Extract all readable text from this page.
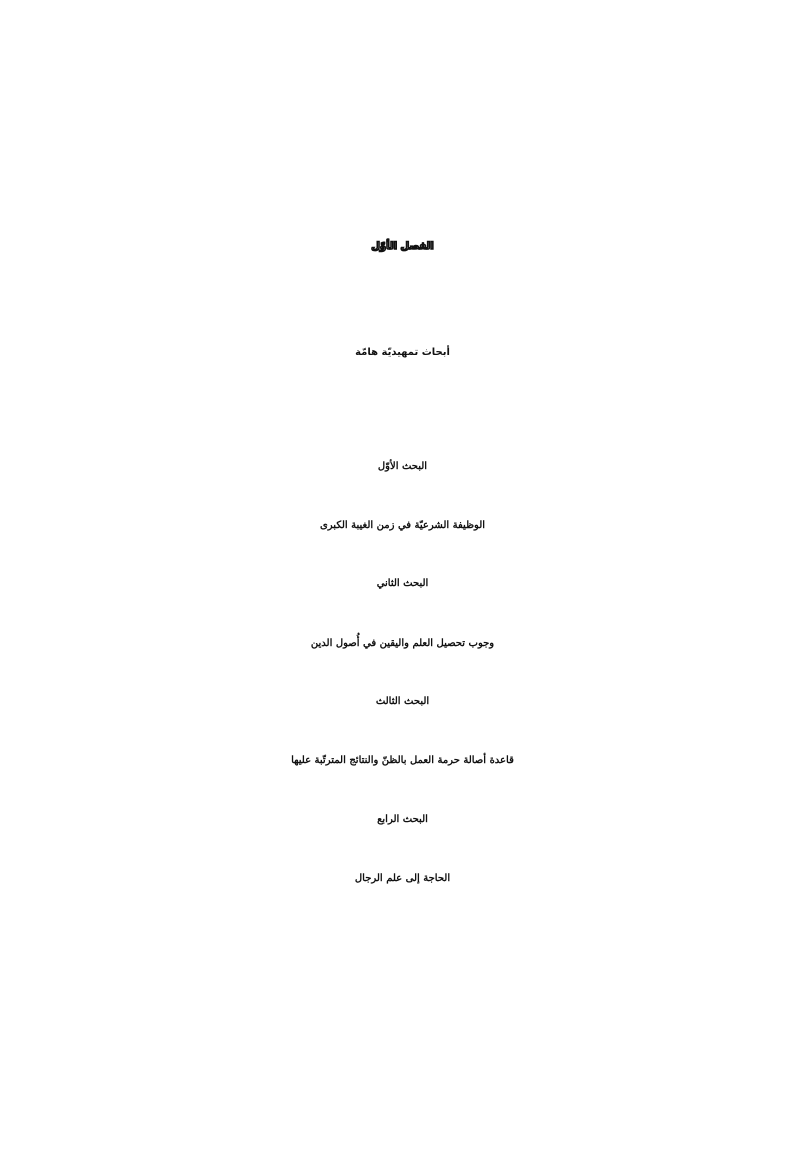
الفصل الأوّل
أبحاث تمهيديّة هامّة
البحث الأوّل
الوظيفة الشرعيّة في زمن الغيبة الكبرى
البحث الثاني
وجوب تحصيل العلم واليقين في أُصول الدين
البحث الثالث
قاعدة أصالة حرمة العمل بالظنّ والنتائج المترتّبة عليها
البحث الرابع
الحاجة إلى علم الرجال
